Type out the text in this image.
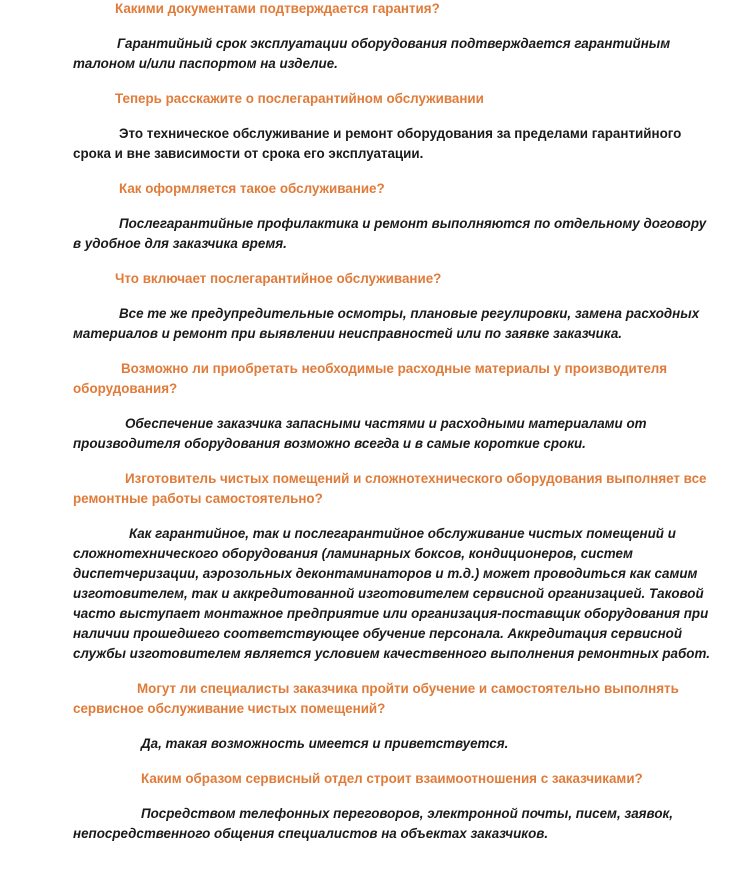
Какими документами подтверждается гарантия?

Гарантийный срок эксплуатации оборудования подтверждается гарантийным талоном и/или паспортом на изделие.

Теперь расскажите о послегарантийном обслуживании

Это техническое обслуживание и ремонт оборудования за пределами гарантийного срока и вне зависимости от срока его эксплуатации.

Как оформляется такое обслуживание?

Послегарантийные профилактика и ремонт выполняются по отдельному договору в удобное для заказчика время.

Что включает послегарантийное обслуживание?

Все те же предупредительные осмотры, плановые регулировки, замена расходных материалов и ремонт при выявлении неисправностей или по заявке заказчика.

Возможно ли приобретать необходимые расходные материалы у производителя оборудования?

Обеспечение заказчика запасными частями и расходными материалами от производителя оборудования возможно всегда и в самые короткие сроки.

Изготовитель чистых помещений и сложнотехнического оборудования выполняет все ремонтные работы самостоятельно?

Как гарантийное, так и послегарантийное обслуживание чистых помещений и сложнотехнического оборудования (ламинарных боксов, кондиционеров, систем диспетчеризации, аэрозольных деконтаминаторов и т.д.) может проводиться как самим изготовителем, так и аккредитованной изготовителем сервисной организацией. Таковой часто выступает монтажное предприятие или организация-поставщик оборудования при наличии прошедшего соответствующее обучение персонала. Аккредитация сервисной службы изготовителем является условием качественного выполнения ремонтных работ.

Могут ли специалисты заказчика пройти обучение и самостоятельно выполнять сервисное обслуживание чистых помещений?

Да, такая возможность имеется и приветствуется.

Каким образом сервисный отдел строит взаимоотношения с заказчиками?

Посредством телефонных переговоров, электронной почты, писем, заявок, непосредственного общения специалистов на объектах заказчиков.
